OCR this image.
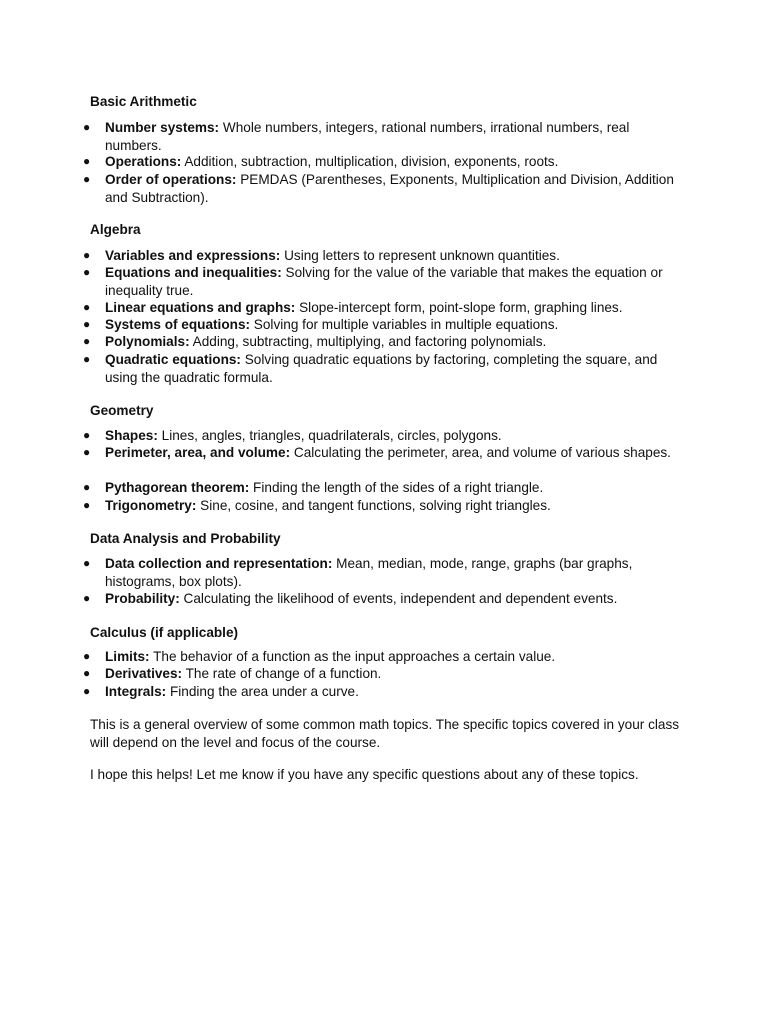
Basic Arithmetic
● Number systems: Whole numbers, integers, rational numbers, irrational numbers, real numbers.
● Operations: Addition, subtraction, multiplication, division, exponents, roots.
● Order of operations: PEMDAS (Parentheses, Exponents, Multiplication and Division, Addition and Subtraction).
Algebra
● Variables and expressions: Using letters to represent unknown quantities.
● Equations and inequalities: Solving for the value of the variable that makes the equation or inequality true.
● Linear equations and graphs: Slope-intercept form, point-slope form, graphing lines.
● Systems of equations: Solving for multiple variables in multiple equations.
● Polynomials: Adding, subtracting, multiplying, and factoring polynomials.
● Quadratic equations: Solving quadratic equations by factoring, completing the square, and using the quadratic formula.
Geometry
● Shapes: Lines, angles, triangles, quadrilaterals, circles, polygons.
● Perimeter, area, and volume: Calculating the perimeter, area, and volume of various shapes.
● Pythagorean theorem: Finding the length of the sides of a right triangle.
● Trigonometry: Sine, cosine, and tangent functions, solving right triangles.
Data Analysis and Probability
● Data collection and representation: Mean, median, mode, range, graphs (bar graphs, histograms, box plots).
● Probability: Calculating the likelihood of events, independent and dependent events.
Calculus (if applicable)
● Limits: The behavior of a function as the input approaches a certain value.
● Derivatives: The rate of change of a function.
● Integrals: Finding the area under a curve.

This is a general overview of some common math topics. The specific topics covered in your class will depend on the level and focus of the course.

I hope this helps! Let me know if you have any specific questions about any of these topics.
